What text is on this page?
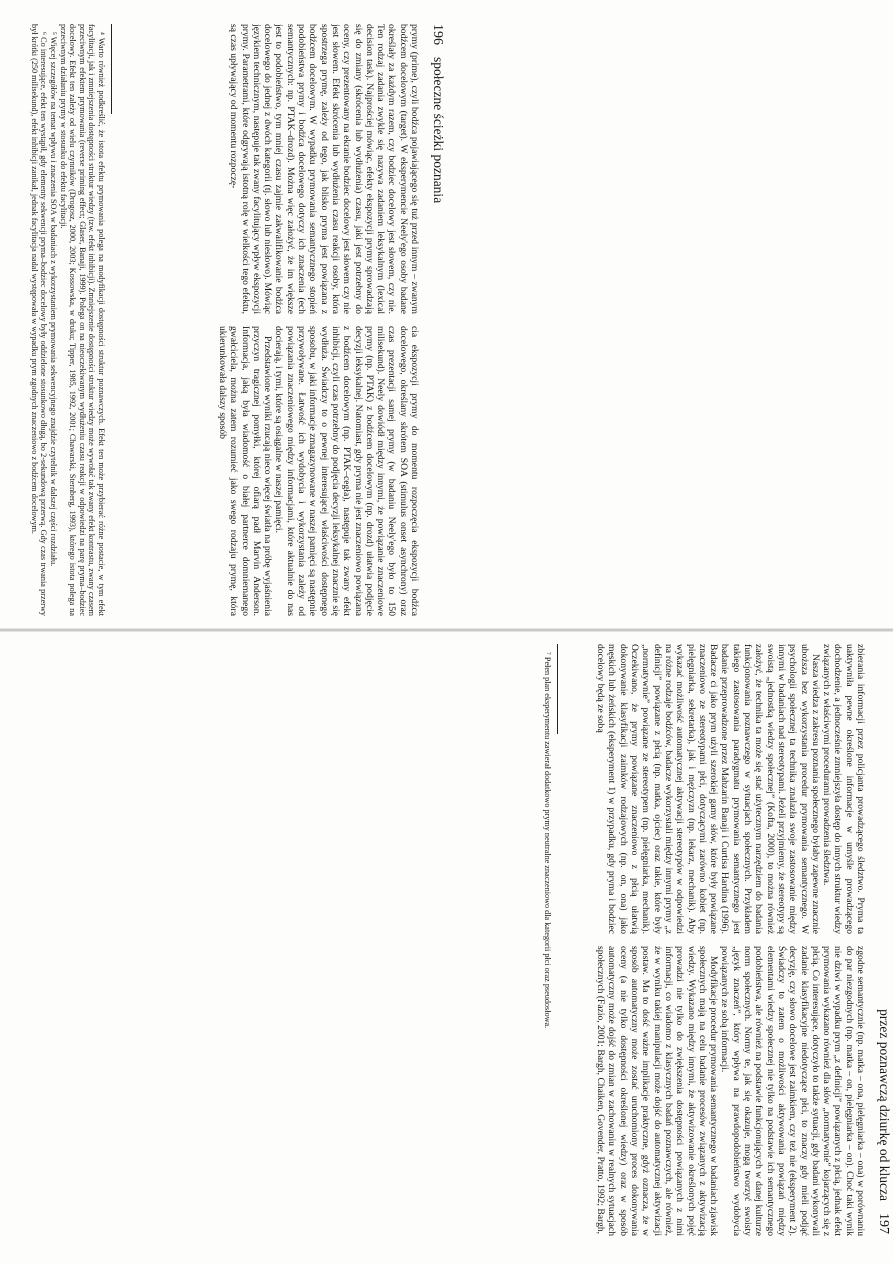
196
społeczne ścieżki poznania

prymy (prime), czyli bodźca pojawiającego się tuż przed innym – zwanym bodźcem docelowym (target). W eksperymencie Neely'ego osoby badane określały za każdym razem, czy bodziec docelowy jest słowem, czy nie. Ten rodzaj zadania zwykle się nazywa zadaniem leksykalnym (lexical decision task). Najprościej mówiąc, efekty ekspozycji prymy sprowadzają się do zmiany (skrócenia lub wydłużenia) czasu, jaki jest potrzebny do oceny, czy prezentowany na ekranie bodziec docelowy jest słowem czy nie jest słowem. Efekt skrócenia lub wydłużenia czasu reakcji osoby, która spostrzega prymę, zależy od tego, jak blisko pryma jest powiązana z bodźcem docelowym. W wypadku prymowania semantycznego stopień podobieństwa prymy i bodźca docelowego dotyczy ich znaczenia (ech semantycznych: np. PTAK–drozd). Można więc założyć, że im większe jest to podobieństwo, tym mniej czasu zajmie zakwalifikowanie bodźca docelowego do jednej z dwóch kategorii (tj. słowo lub niesłowo). Mówiąc językiem technicznym, następuje tak zwany facylitujący wpływ ekspozycji prymy. Parametrami, które odgrywają istotną rolę w wielkości tego efektu, są czas upływający od momentu rozpoczę-

cia ekspozycji prymy do momentu rozpoczęcia ekspozycji bodźca docelowego, określany skrótem SOA (stimulus onset asynchrony) oraz czas prezentacji samej prymy (w badaniu Neely'ego było to 150 milisekund). Neely dowiódł między innymi, że powiązanie znaczeniowe prymy (np. PTAK) z bodźcem docelowym (np. drozd) ułatwia podjęcie decyzji leksykalnej. Natomiast, gdy pryma nie jest znaczeniowo powiązana z bodźcem docelowym (np. PTAK–cegła), następuje tak zwany efekt inhibicji, czyli czas potrzebny do podjęcia decyzji leksykalnej znacznie się wydłuża. Świadczy to o pewnej interesującej właściwości dostępnego sposobu, w jaki informacje zmagazynowane w naszej pamięci są następnie przywoływane. Łatwość ich wydobycia i wykorzystania zależy od powiązania znaczeniowego między informacjami, które aktualnie do nas docierają, i tymi, które są osiągalne w naszej pamięci.

Przedstawione wyniki rzucają nieco więcej światła na próbę wyjaśnienia przyczyn tragicznej pomyłki, której ofiarą padł Marvin Anderson. Informacja, jaką była wiadomość o białej partnerce domniemanego gwałciciela, można zatem rozumieć jako swego rodzaju prymę, która ukierunkowała dalszy sposób

⁴ Warto również podkreślić, że istota efektu prymowania polega na modyfikacji dostępności struktur poznawczych. Efekt ten może przybierać różne postacie, w tym efekt facylitacji, jak i zmniejszenia dostępności struktur wiedzy (tzw. efekt inhibicji). Zmniejszenie dostępności struktur wiedzy może wywołać tak zwany efekt kontrastu, zwany czasem przeciwnym efektem prymowania (reverse priming effect; Glaser, Banaji, 1999). Polega on na nieoczekiwanym wydłużeniu czasu reakcji w odpowiedzi na parę pryma–bodziec docelowy. Efekt ten zależy od wielu czynników (Drogosz, 2000, 2003; Kossowska, w druku; Tipper, 1985, 1992, 2001; Chawarski, Sternberg, 1993), którego istota polega na przeciwnym działaniu prymy w stosunku do efektu facylitacji.

⁵ Więcej szczegółów na temat wpływu i znaczenia SOA w badaniach z wykorzystaniem prymowania sekwencyjnego znajdzie czytelnik w dalszej części rozdziału.

⁶ Co interesujące, efekt ten wystąpił, gdy elementy sekwencji pryma–bodziec docelowy były oddzielone stosunkowo długą, bo 2-sekundową przerwą. Gdy czas trwania przerwy był krótki (250 milisekund), efekt inhibicji zanikał, jednak facylitacja nadal występowała w wypadku prym zgodnych znaczeniowo z bodźcem docelowym.

przez poznawczą dziurkę od klucza
197

zbierania informacji przez policjanta prowadzącego śledztwo. Pryma ta uaktywniła pewne określone informacje w umyśle prowadzącego dochodzenie, a jednocześnie zmniejszyła dostęp do innych struktur wiedzy związanych z właściwymi procedurami prowadzenia śledztwa.

Nasza wiedza z zakresu poznania społecznego byłaby zapewne znacznie uboższa bez wykorzystania procedur prymowania semantycznego. W psychologii społecznej ta technika znalazła swoje zastosowanie między innymi w badaniach nad stereotypami. Jeżeli przyjmiemy, że stereotypy są swoistą „jednostką wiedzy społecznej” (Kofta, 2000), to można również założyć, że technika ta może się stać użytecznym narzędziem do badania funkcjonowania poznawczego w sytuacjach społecznych. Przykładem takiego zastosowania paradygmatu prymowania semantycznego jest badanie przeprowadzone przez Mahzarin Banaji i Curtisa Hardina (1996). Badacze ci jako prym użyli szerokiej gamy słów, które były powiązane znaczeniowo ze stereotypami płci, dotyczącymi zarówno kobiet (np. pielęgniarka, sekretarka), jak i mężczyzn (np. lekarz, mechanik). Aby wykazać możliwość automatycznej aktywacji stereotypów w odpowiedzi na różne rodzaje bodźców, badacze wykorzystali między innymi prymy „z definicji” powiązane z płcią (np. matka, ojciec) oraz takie, które były „normatywnie” powiązane ze stereotypem (np. pielęgniarka, mechanik). Oczekiwano, że prymy powiązane znaczeniowo z płcią ułatwią dokonywanie klasyfikacji zaimków rodzajowych (np. on, ona) jako męskich lub żeńskich (eksperyment 1) w przypadku, gdy pryma i bodziec docelowy będą ze sobą

zgodne semantycznie (np. matka – ona, pielęgniarka – ona) w porównaniu do par niezgodnych (np. matka – on, pielęgniarka – on). Choć taki wynik nie dziwi w wypadku prym „z definicji” powiązanych z płcią, jednak efekt prymowania wykazano również dla słów „normatywnie” kojarzących się z płcią. Co interesujące, dotyczyło to także sytuacji, gdy badani wykonywali zadanie klasyfikacyjne niedotyczące płci, to znaczy gdy mieli podjąć decyzję, czy słowo docelowe jest zaimkiem, czy też nie (eksperyment 2). Świadczy to zatem o możliwości aktywowania powiązań między elementami wiedzy społecznej nie tylko na podstawie ich semantycznego podobieństwa, ale również na podstawie funkcjonujących w danej kulturze norm społecznych. Normy te, jak się okazuje, mogą tworzyć swoisty „język znaczeń”, który wpływa na prawdopodobieństwo wydobycia powiązanych ze sobą informacji.

Modyfikacje procedur prymowania semantycznego w badaniach zjawisk społecznych mają na celu badanie procesów związanych z aktywizacją wiedzy. Wykazano między innymi, że aktywizowanie określonych pojęć prowadzi nie tylko do zwiększenia dostępności powiązanych z nimi informacji, co wiadomo z klasycznych badań poznawczych, ale również, że w wyniku takiej manipulacji może dojść do automatycznej aktywizacji postaw. Ma to dość ważne implikacje praktyczne, gdyż oznacza, że w sposób automatyczny może zostać uruchomiony proces dokonywania oceny (a nie tylko dostępności określonej wiedzy) oraz w sposób automatyczny może dojść do zmian w zachowaniu w realnych sytuacjach społecznych (Fazio, 2001; Bargh, Chaiken, Govender, Pratto, 1992; Bargh,

⁷ Pełen plan eksperymentu zawierał dodatkowo prymy neutralne znaczeniowo dla kategorii płci oraz pseudosłowa.
